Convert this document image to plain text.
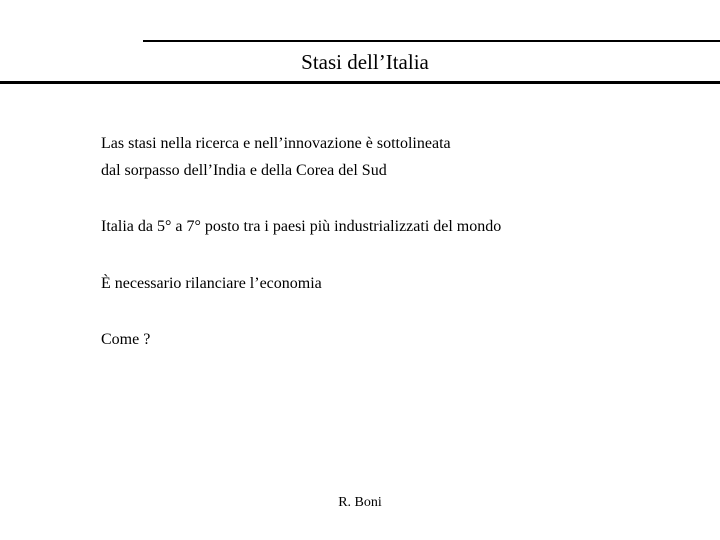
Stasi dell’Italia
Las stasi nella ricerca e nell’innovazione è sottolineata
dal sorpasso dell’India e della Corea del Sud
Italia da 5° a 7° posto tra i paesi più industrializzati del mondo
È necessario rilanciare l’economia
Come ?
R. Boni
